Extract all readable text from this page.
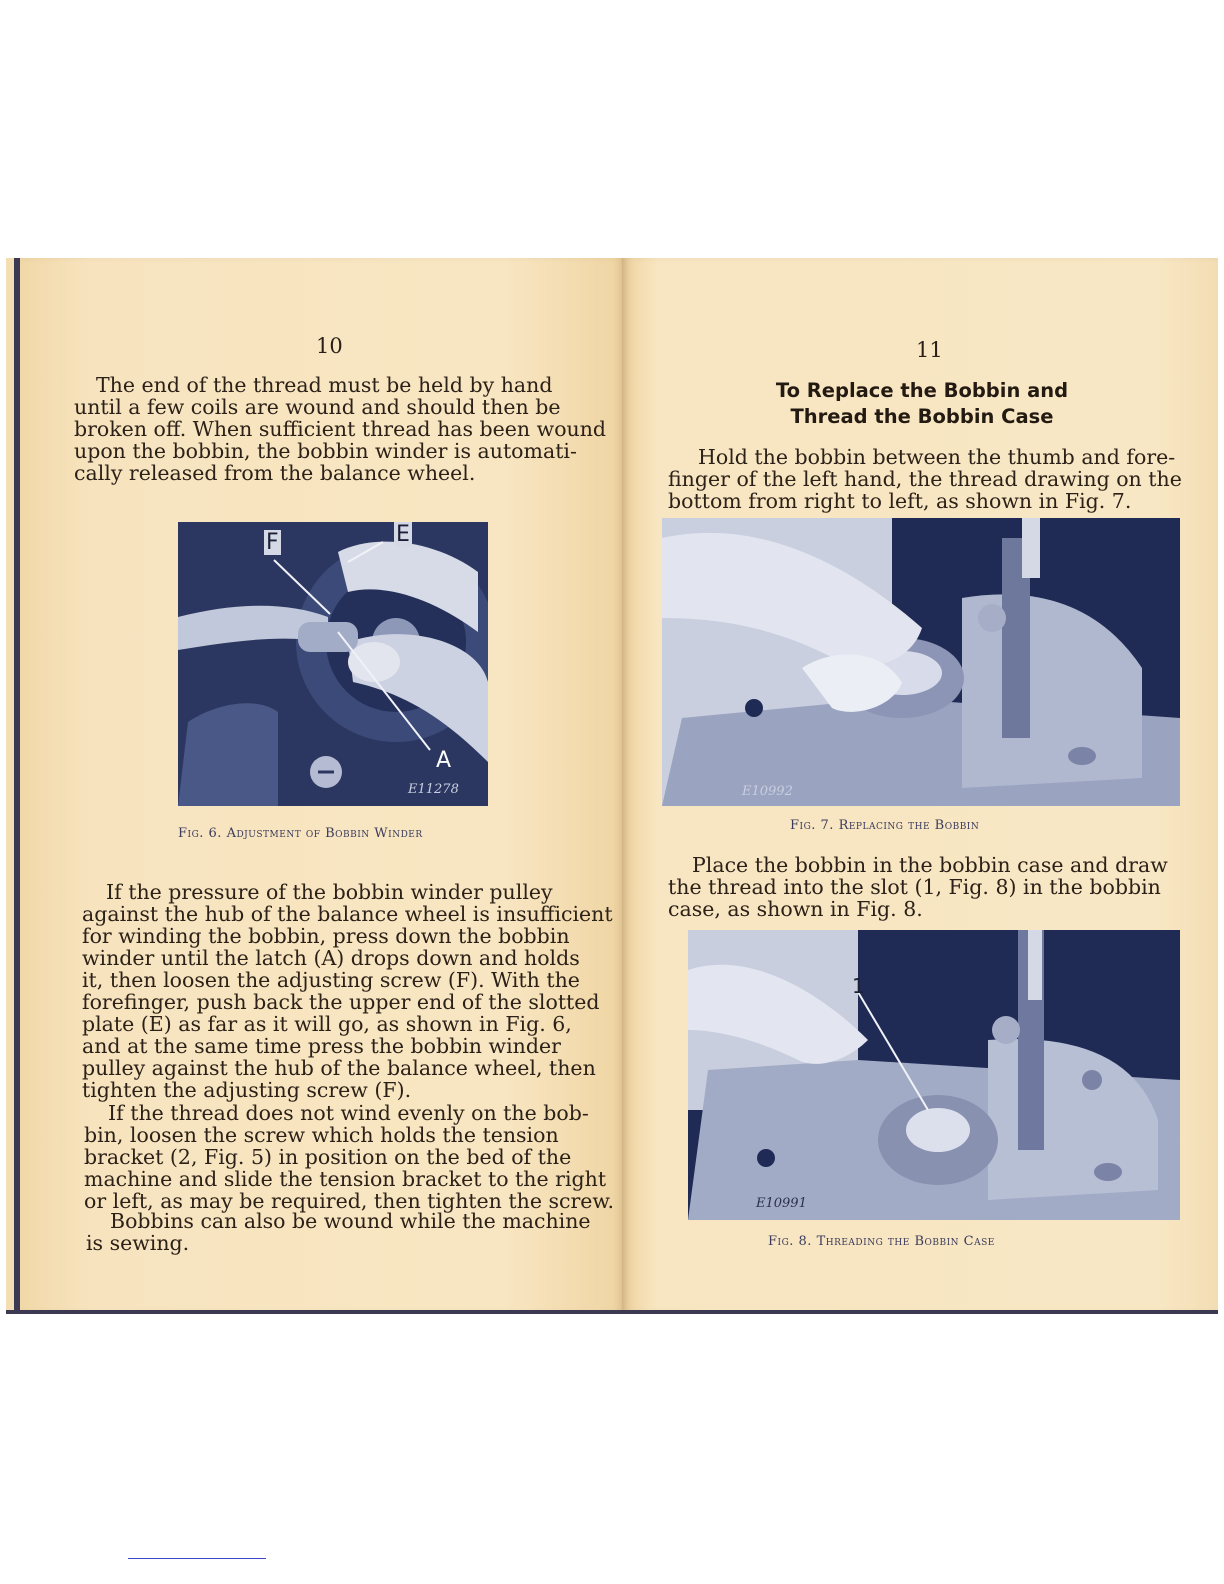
10

The end of the thread must be held by hand
until a few coils are wound and should then be
broken off. When sufficient thread has been wound
upon the bobbin, the bobbin winder is automati-
cally released from the balance wheel.

F	E
A
E11278
Fig. 6. Adjustment of Bobbin Winder

If the pressure of the bobbin winder pulley
against the hub of the balance wheel is insufficient
for winding the bobbin, press down the bobbin
winder until the latch (A) drops down and holds
it, then loosen the adjusting screw (F). With the
forefinger, push back the upper end of the slotted
plate (E) as far as it will go, as shown in Fig. 6,
and at the same time press the bobbin winder
pulley against the hub of the balance wheel, then
tighten the adjusting screw (F).

If the thread does not wind evenly on the bob-
bin, loosen the screw which holds the tension
bracket (2, Fig. 5) in position on the bed of the
machine and slide the tension bracket to the right
or left, as may be required, then tighten the screw.

Bobbins can also be wound while the machine
is sewing.

11
To Replace the Bobbin and
Thread the Bobbin Case

Hold the bobbin between the thumb and fore-
finger of the left hand, the thread drawing on the
bottom from right to left, as shown in Fig. 7.

E10992
Fig. 7. Replacing the Bobbin

Place the bobbin in the bobbin case and draw
the thread into the slot (1, Fig. 8) in the bobbin
case, as shown in Fig. 8.

1
E10991
Fig. 8. Threading the Bobbin Case
